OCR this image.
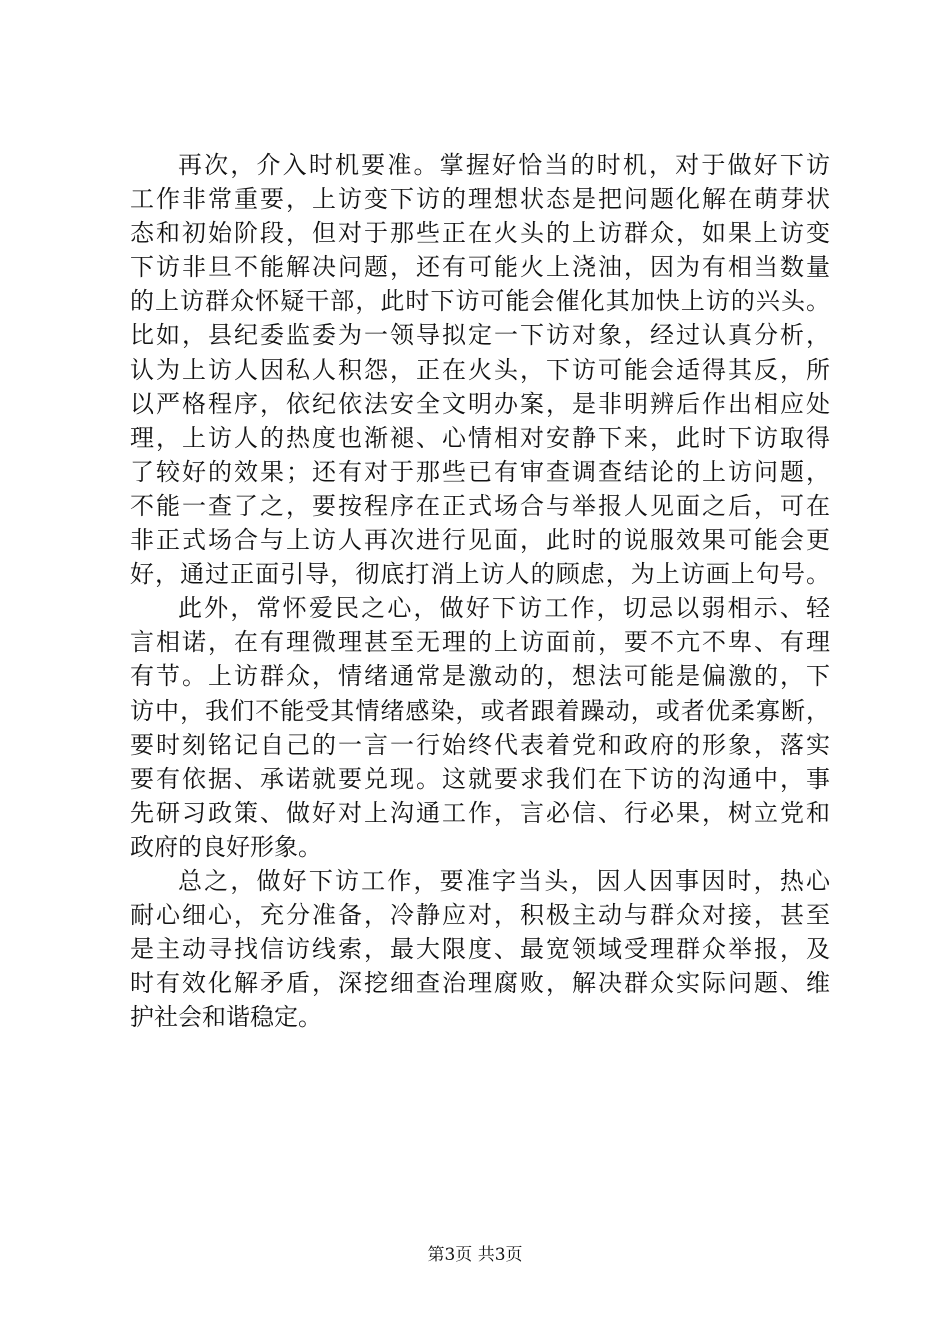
再次，介入时机要准。掌握好恰当的时机，对于做好下访
工作非常重要，上访变下访的理想状态是把问题化解在萌芽状
态和初始阶段，但对于那些正在火头的上访群众，如果上访变
下访非旦不能解决问题，还有可能火上浇油，因为有相当数量
的上访群众怀疑干部，此时下访可能会催化其加快上访的兴头。
比如，县纪委监委为一领导拟定一下访对象，经过认真分析，
认为上访人因私人积怨，正在火头，下访可能会适得其反，所
以严格程序，依纪依法安全文明办案，是非明辨后作出相应处
理，上访人的热度也渐褪、心情相对安静下来，此时下访取得
了较好的效果；还有对于那些已有审查调查结论的上访问题，
不能一查了之，要按程序在正式场合与举报人见面之后，可在
非正式场合与上访人再次进行见面，此时的说服效果可能会更
好，通过正面引导，彻底打消上访人的顾虑，为上访画上句号。
此外，常怀爱民之心，做好下访工作，切忌以弱相示、轻
言相诺，在有理微理甚至无理的上访面前，要不亢不卑、有理
有节。上访群众，情绪通常是激动的，想法可能是偏激的，下
访中，我们不能受其情绪感染，或者跟着躁动，或者优柔寡断，
要时刻铭记自己的一言一行始终代表着党和政府的形象，落实
要有依据、承诺就要兑现。这就要求我们在下访的沟通中，事
先研习政策、做好对上沟通工作，言必信、行必果，树立党和
政府的良好形象。
总之，做好下访工作，要准字当头，因人因事因时，热心
耐心细心，充分准备，冷静应对，积极主动与群众对接，甚至
是主动寻找信访线索，最大限度、最宽领域受理群众举报，及
时有效化解矛盾，深挖细查治理腐败，解决群众实际问题、维
护社会和谐稳定。
第3页 共3页
